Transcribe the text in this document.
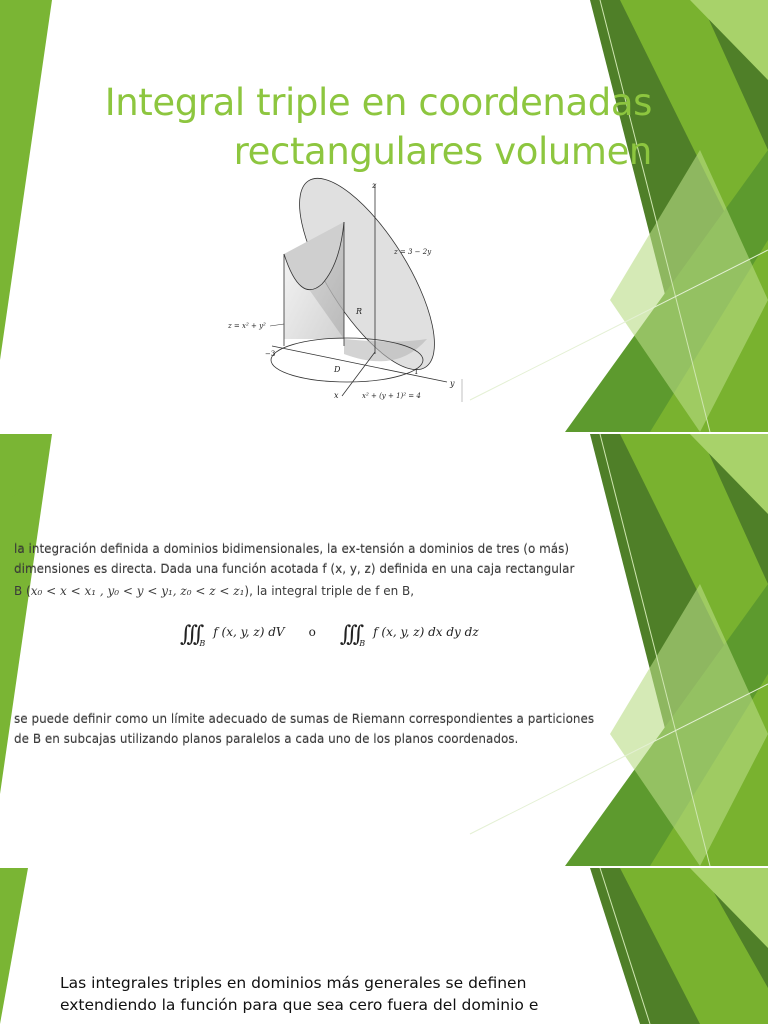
Integral triple en coordenadas rectangulares volumen
z
y
x
z = 3 − 2y
z = x² + y²
R
D
−3
1
x² + (y + 1)² = 4

la integración definida a dominios bidimensionales, la ex-tensión a dominios de tres (o más)
dimensiones es directa. Dada una función acotada f (x, y, z) definida en una caja rectangular

B (x₀ < x < x₁ , y₀ < y < y₁, z₀ < z < z₁), la integral triple de f en B,
$\int\int\int_Bf$ (x, y, z) dV o $\int\int\int_Bf$ (x, y, z) dx dy dz

se puede definir como un límite adecuado de sumas de Riemann correspondientes a particiones
de B en subcajas utilizando planos paralelos a cada uno de los planos coordenados.

Las integrales triples en dominios más generales se definen
extendiendo la función para que sea cero fuera del dominio e
